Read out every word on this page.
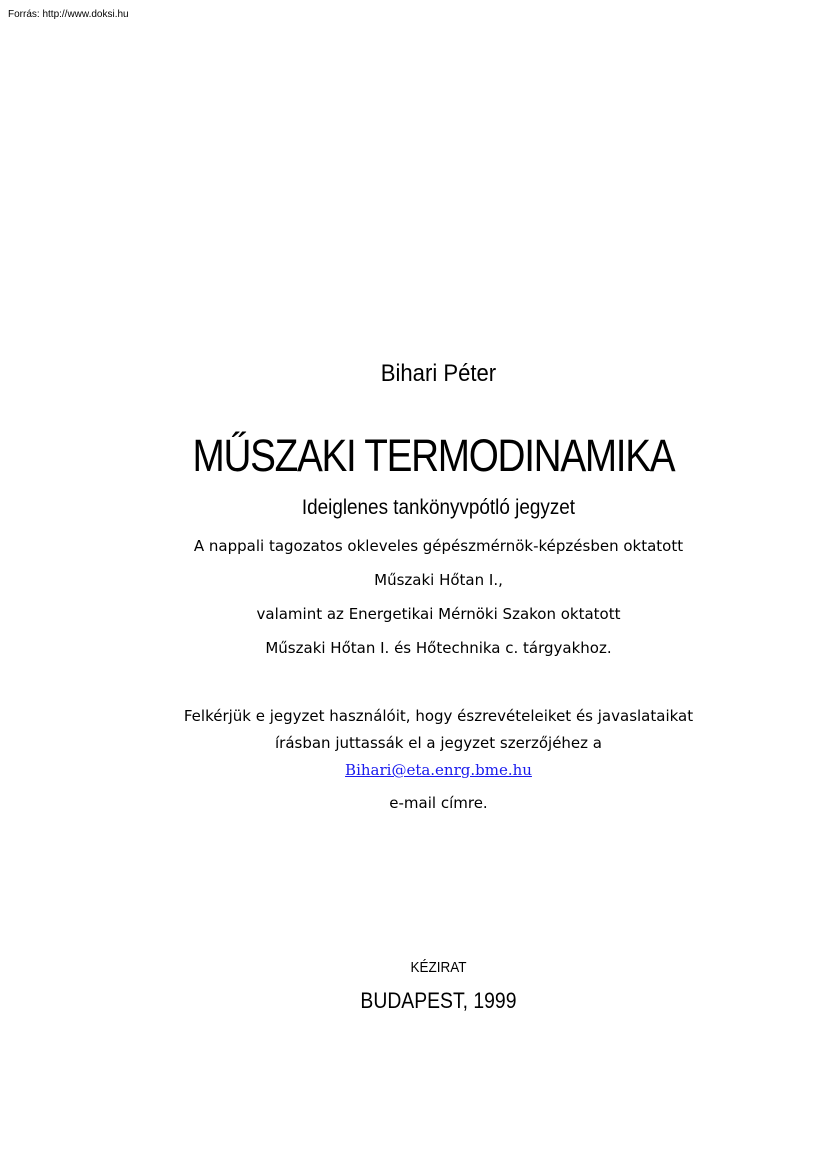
Forrás: http://www.doksi.hu
Bihari Péter
MŰSZAKI TERMODINAMIKA
Ideiglenes tankönyvpótló jegyzet
A nappali tagozatos okleveles gépészmérnök-képzésben oktatott
Műszaki Hőtan I.,
valamint az Energetikai Mérnöki Szakon oktatott
Műszaki Hőtan I. és Hőtechnika c. tárgyakhoz.
Felkérjük e jegyzet használóit, hogy észrevételeiket és javaslataikat
írásban juttassák el a jegyzet szerzőjéhez a
Bihari@eta.enrg.bme.hu
e-mail címre.
KÉZIRAT
BUDAPEST, 1999
